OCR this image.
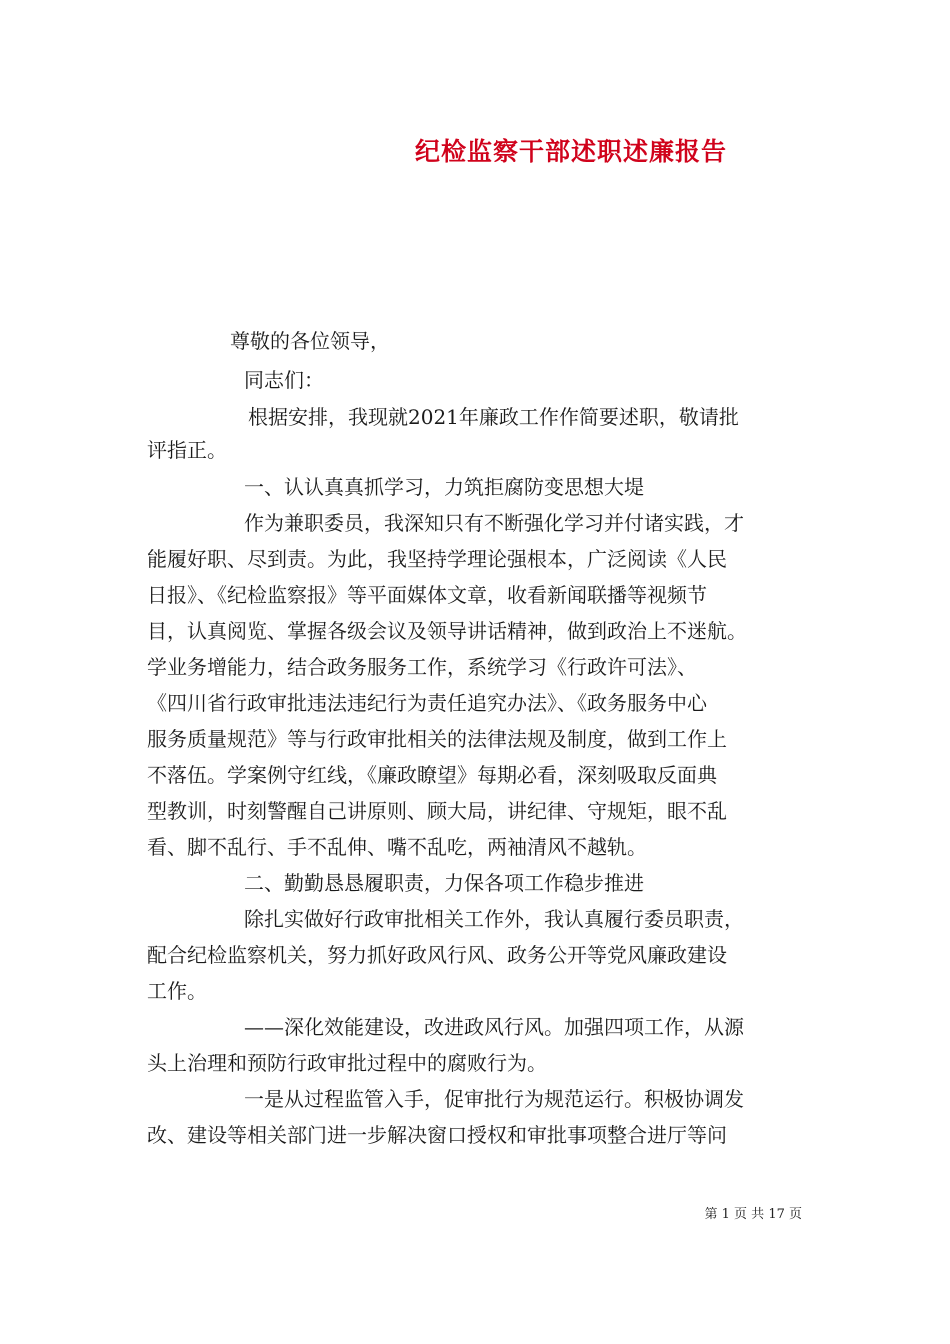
纪检监察干部述职述廉报告
尊敬的各位领导，
同志们：
根据安排，我现就2021年廉政工作作简要述职，敬请批
评指正。
一、认认真真抓学习，力筑拒腐防变思想大堤
作为兼职委员，我深知只有不断强化学习并付诸实践，才
能履好职、尽到责。为此，我坚持学理论强根本，广泛阅读《人民
日报》、《纪检监察报》等平面媒体文章，收看新闻联播等视频节
目，认真阅览、掌握各级会议及领导讲话精神，做到政治上不迷航。
学业务增能力，结合政务服务工作，系统学习《行政许可法》、
《四川省行政审批违法违纪行为责任追究办法》、《政务服务中心
服务质量规范》等与行政审批相关的法律法规及制度，做到工作上
不落伍。学案例守红线，《廉政瞭望》每期必看，深刻吸取反面典
型教训，时刻警醒自己讲原则、顾大局，讲纪律、守规矩，眼不乱
看、脚不乱行、手不乱伸、嘴不乱吃，两袖清风不越轨。
二、勤勤恳恳履职责，力保各项工作稳步推进
除扎实做好行政审批相关工作外，我认真履行委员职责，
配合纪检监察机关，努力抓好政风行风、政务公开等党风廉政建设
工作。
——深化效能建设，改进政风行风。加强四项工作，从源
头上治理和预防行政审批过程中的腐败行为。
一是从过程监管入手，促审批行为规范运行。积极协调发
改、建设等相关部门进一步解决窗口授权和审批事项整合进厅等问
第 1 页 共 17 页
